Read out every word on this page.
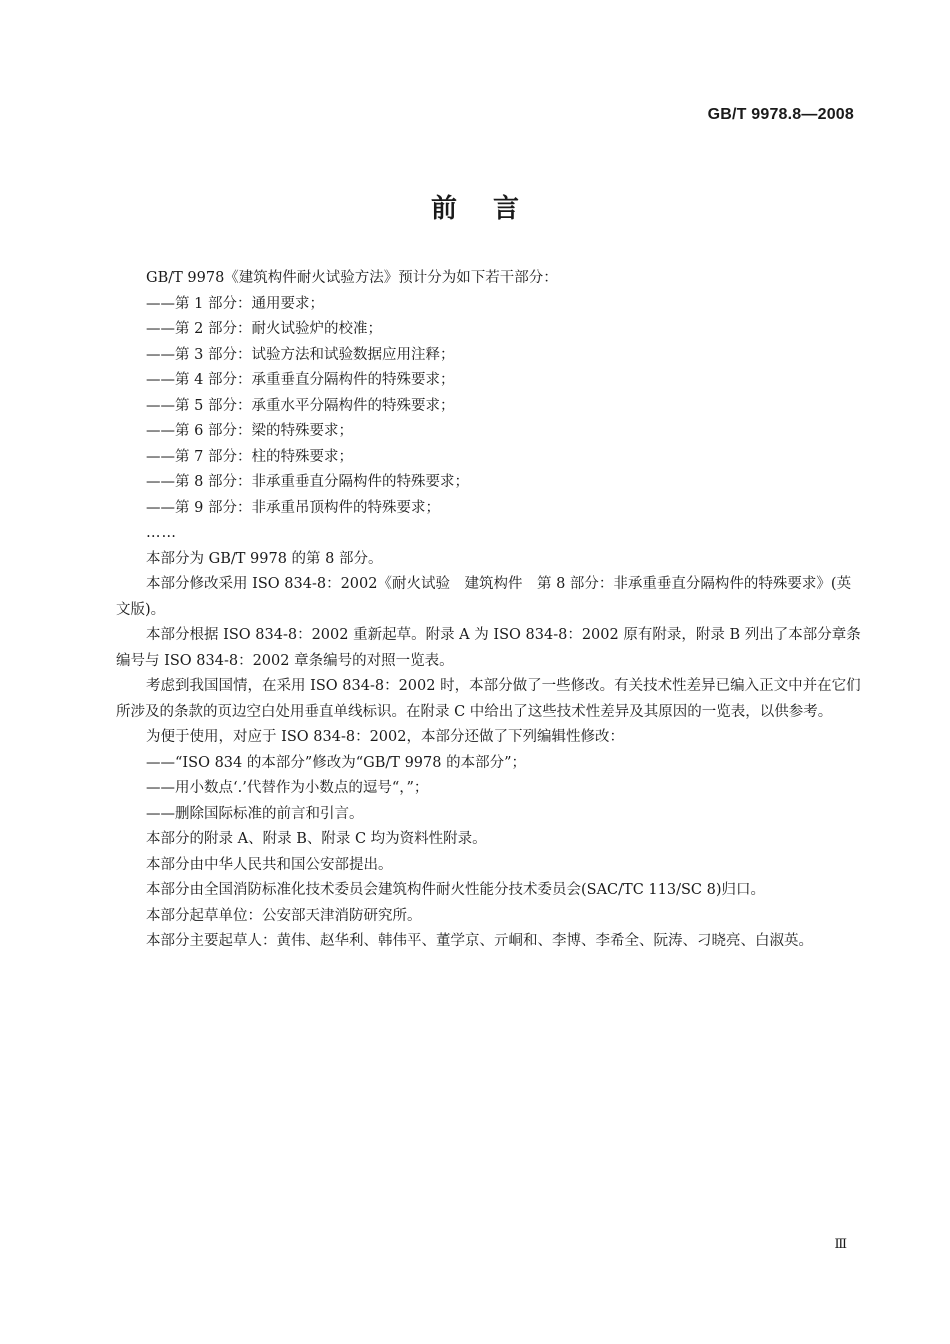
GB/T 9978.8—2008
前言

GB/T 9978《建筑构件耐火试验方法》预计分为如下若干部分：

——第 1 部分：通用要求；

——第 2 部分：耐火试验炉的校准；

——第 3 部分：试验方法和试验数据应用注释；

——第 4 部分：承重垂直分隔构件的特殊要求；

——第 5 部分：承重水平分隔构件的特殊要求；

——第 6 部分：梁的特殊要求；

——第 7 部分：柱的特殊要求；

——第 8 部分：非承重垂直分隔构件的特殊要求；

——第 9 部分：非承重吊顶构件的特殊要求；

……

本部分为 GB/T 9978 的第 8 部分。

本部分修改采用 ISO 834-8：2002《耐火试验　建筑构件　第 8 部分：非承重垂直分隔构件的特殊要求》(英文版)。

本部分根据 ISO 834-8：2002 重新起草。附录 A 为 ISO 834-8：2002 原有附录，附录 B 列出了本部分章条编号与 ISO 834-8：2002 章条编号的对照一览表。

考虑到我国国情，在采用 ISO 834-8：2002 时，本部分做了一些修改。有关技术性差异已编入正文中并在它们所涉及的条款的页边空白处用垂直单线标识。在附录 C 中给出了这些技术性差异及其原因的一览表，以供参考。

为便于使用，对应于 ISO 834-8：2002，本部分还做了下列编辑性修改：

——“ISO 834 的本部分”修改为“GB/T 9978 的本部分”；

——用小数点‘.’代替作为小数点的逗号“，”；

——删除国际标准的前言和引言。

本部分的附录 A、附录 B、附录 C 均为资料性附录。

本部分由中华人民共和国公安部提出。

本部分由全国消防标准化技术委员会建筑构件耐火性能分技术委员会(SAC/TC 113/SC 8)归口。

本部分起草单位：公安部天津消防研究所。

本部分主要起草人：黄伟、赵华利、韩伟平、董学京、亓峒和、李博、李希全、阮涛、刁晓亮、白淑英。

Ⅲ
